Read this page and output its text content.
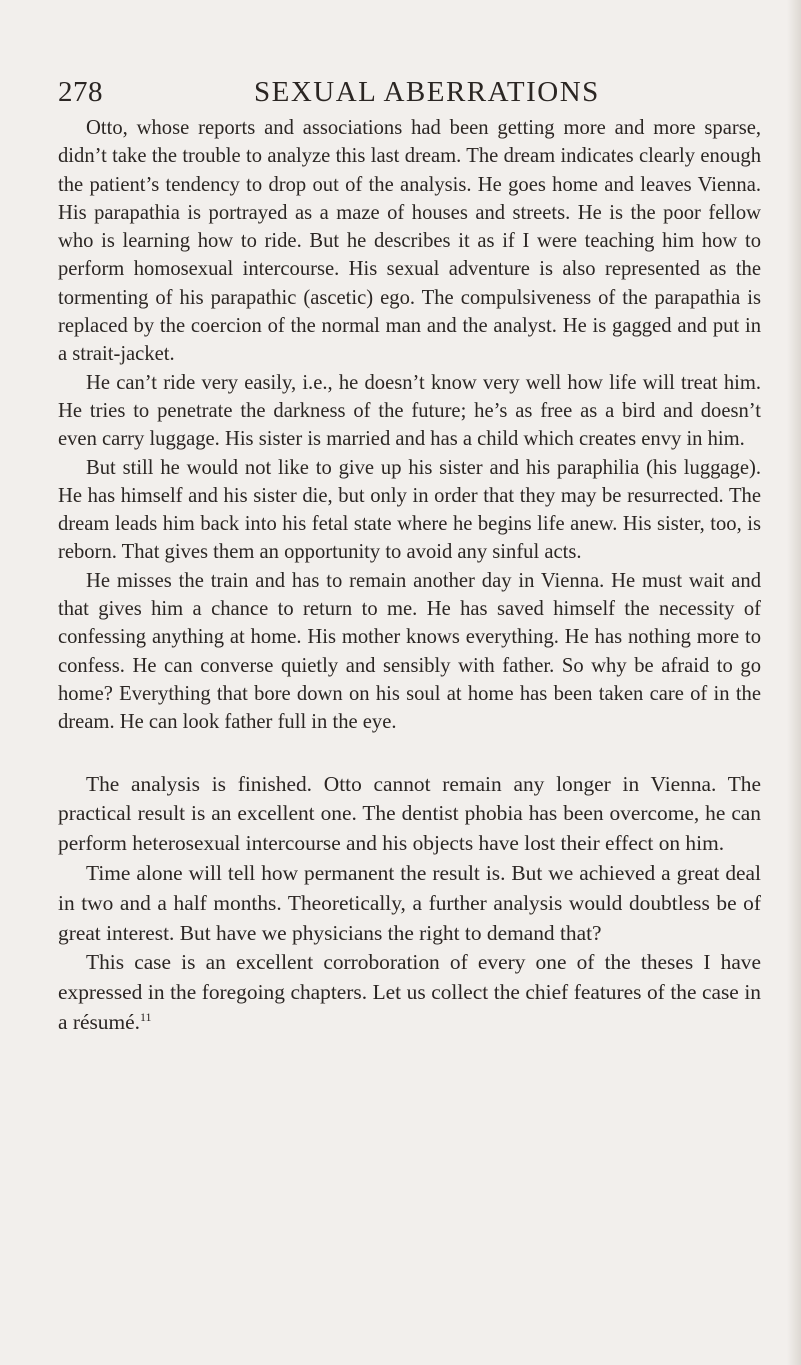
278	SEXUAL ABERRATIONS

Otto, whose reports and associations had been getting more and more sparse, didn’t take the trouble to analyze this last dream. The dream indicates clearly enough the patient’s tendency to drop out of the analysis. He goes home and leaves Vienna. His parapathia is portrayed as a maze of houses and streets. He is the poor fellow who is learning how to ride. But he describes it as if I were teaching him how to perform homosexual intercourse. His sexual adventure is also represented as the tormenting of his parapathic (ascetic) ego. The compulsiveness of the parapathia is replaced by the coercion of the normal man and the analyst. He is gagged and put in a strait-jacket.

He can’t ride very easily, i.e., he doesn’t know very well how life will treat him. He tries to penetrate the darkness of the future; he’s as free as a bird and doesn’t even carry luggage. His sister is married and has a child which creates envy in him.

But still he would not like to give up his sister and his paraphilia (his luggage). He has himself and his sister die, but only in order that they may be resurrected. The dream leads him back into his fetal state where he begins life anew. His sister, too, is reborn. That gives them an opportunity to avoid any sinful acts.

He misses the train and has to remain another day in Vienna. He must wait and that gives him a chance to return to me. He has saved himself the necessity of confessing anything at home. His mother knows everything. He has nothing more to confess. He can converse quietly and sensibly with father. So why be afraid to go home? Everything that bore down on his soul at home has been taken care of in the dream. He can look father full in the eye.

The analysis is finished. Otto cannot remain any longer in Vienna. The practical result is an excellent one. The dentist phobia has been overcome, he can perform heterosexual intercourse and his objects have lost their effect on him.

Time alone will tell how permanent the result is. But we achieved a great deal in two and a half months. Theoretically, a further analysis would doubtless be of great interest. But have we physicians the right to demand that?

This case is an excellent corroboration of every one of the theses I have expressed in the foregoing chapters. Let us collect the chief features of the case in a résumé.$^{11}$
